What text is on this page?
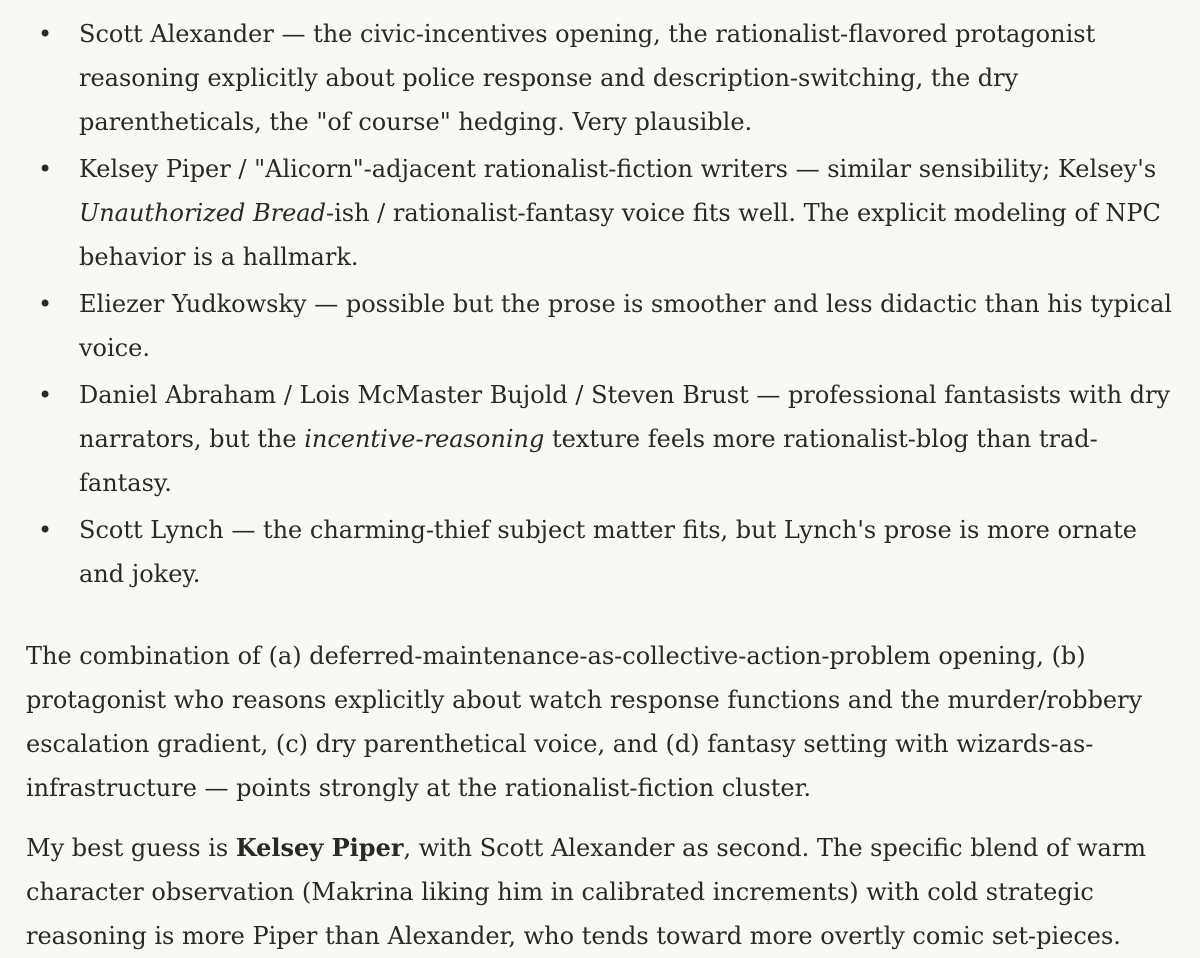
• Scott Alexander — the civic-incentives opening, the rationalist-flavored protagonist reasoning explicitly about police response and description-switching, the dry parentheticals, the "of course" hedging. Very plausible.
• Kelsey Piper / "Alicorn"-adjacent rationalist-fiction writers — similar sensibility; Kelsey's Unauthorized Bread-ish / rationalist-fantasy voice fits well. The explicit modeling of NPC behavior is a hallmark.
• Eliezer Yudkowsky — possible but the prose is smoother and less didactic than his typical voice.
• Daniel Abraham / Lois McMaster Bujold / Steven Brust — professional fantasists with dry narrators, but the incentive-reasoning texture feels more rationalist-blog than trad-fantasy.
• Scott Lynch — the charming-thief subject matter fits, but Lynch's prose is more ornate and jokey.

The combination of (a) deferred-maintenance-as-collective-action-problem opening, (b) protagonist who reasons explicitly about watch response functions and the murder/robbery escalation gradient, (c) dry parenthetical voice, and (d) fantasy setting with wizards-as-infrastructure — points strongly at the rationalist-fiction cluster.

My best guess is Kelsey Piper, with Scott Alexander as second. The specific blend of warm character observation (Makrina liking him in calibrated increments) with cold strategic reasoning is more Piper than Alexander, who tends toward more overtly comic set-pieces.
